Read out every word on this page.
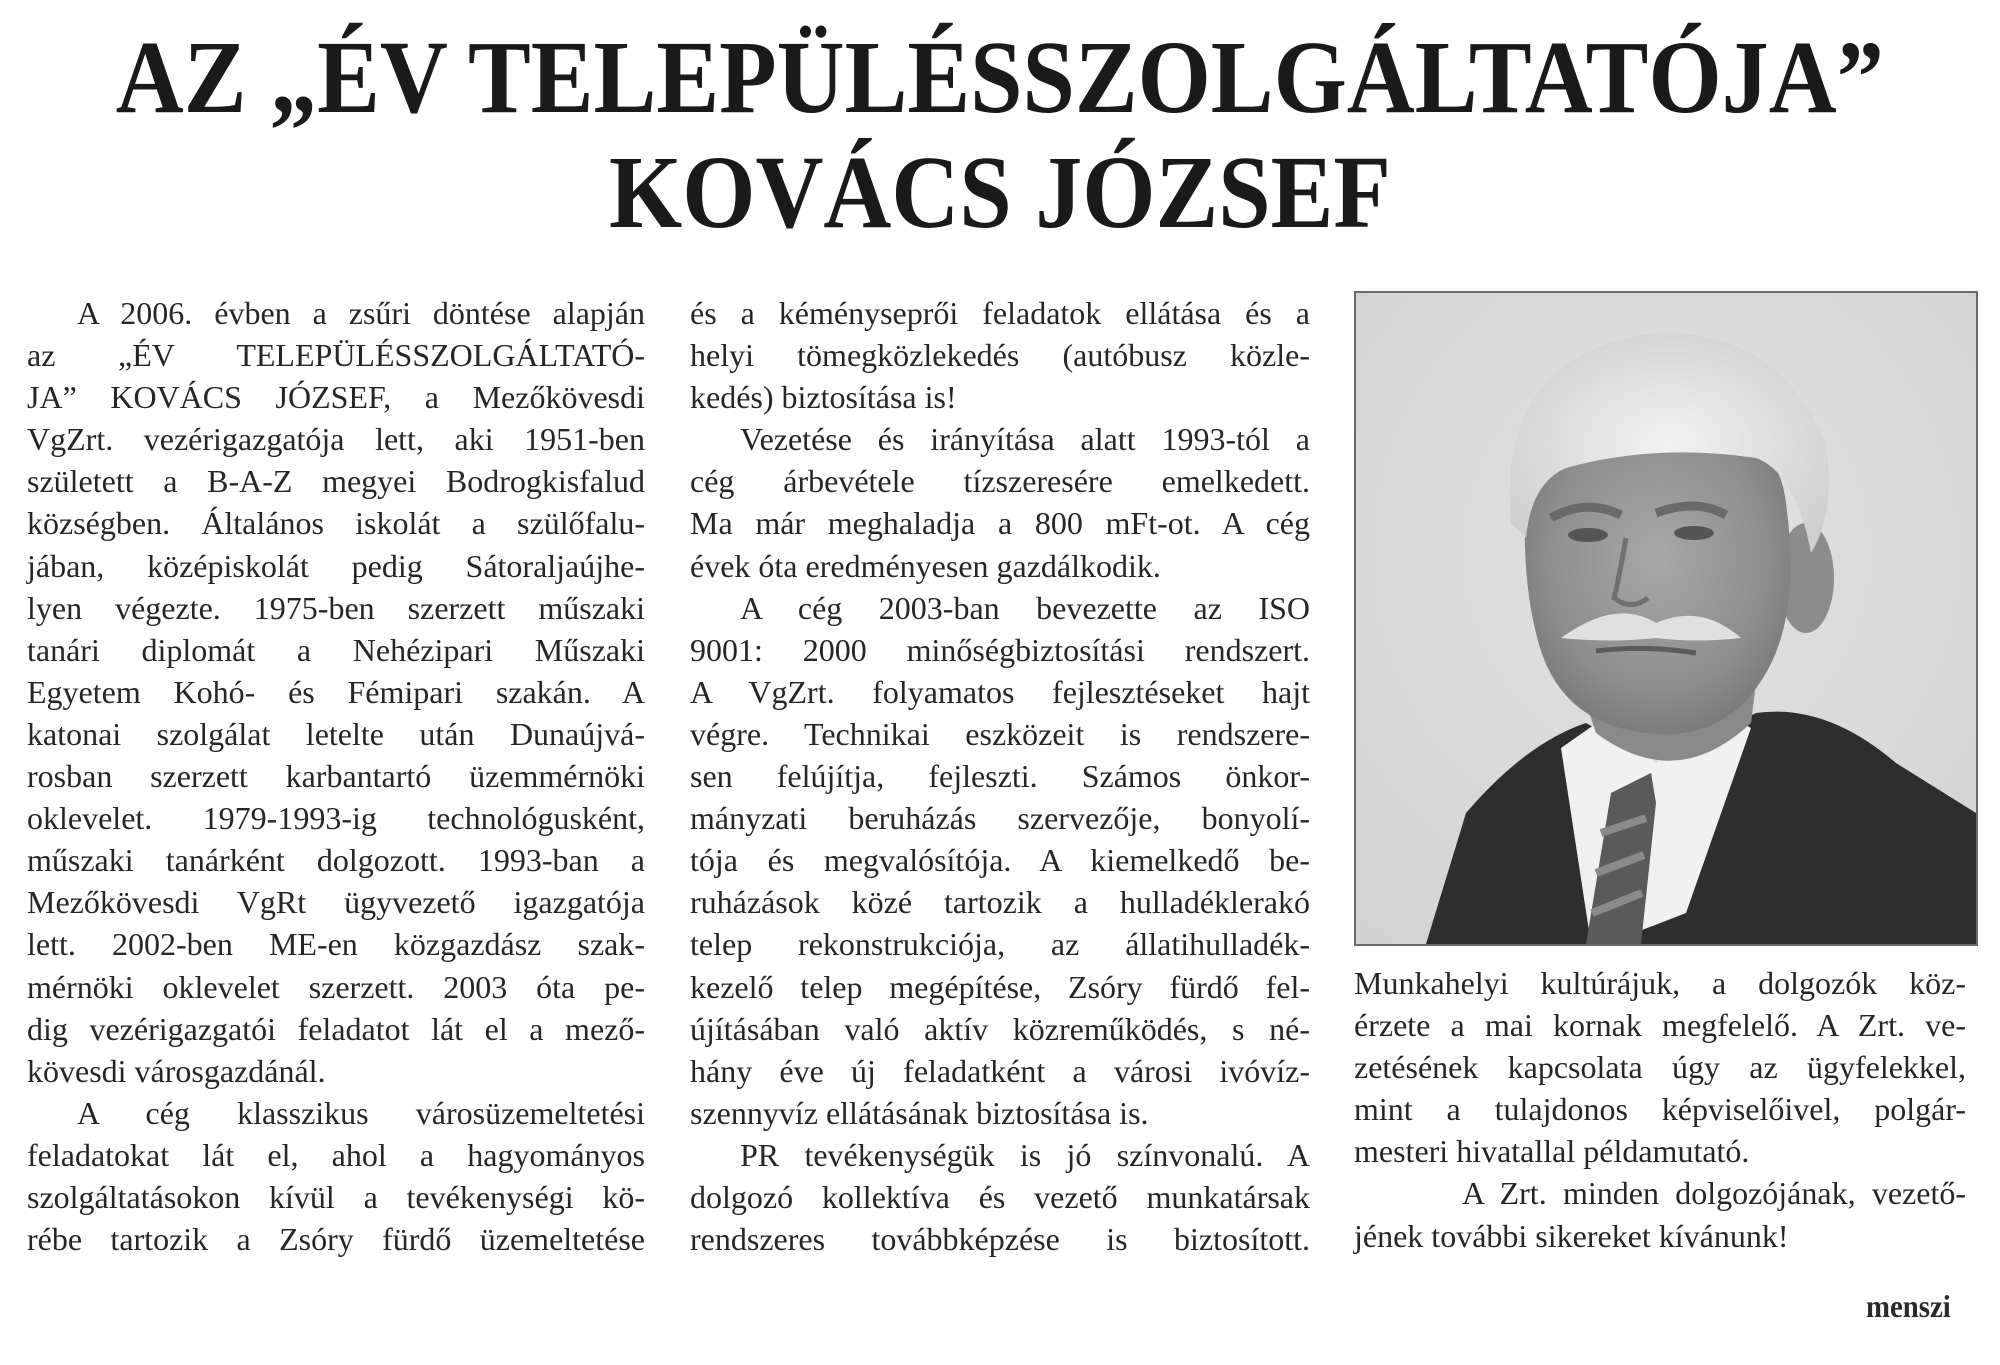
AZ „ÉV TELEPÜLÉSSZOLGÁLTATÓJA”
KOVÁCS JÓZSEF
A 2006. évben a zsűri döntése alapján
az „ÉV TELEPÜLÉSSZOLGÁLTATÓ-
JA” KOVÁCS JÓZSEF, a Mezőkövesdi
VgZrt. vezérigazgatója lett, aki 1951-ben
született a B-A-Z megyei Bodrogkisfalud
községben. Általános iskolát a szülőfalu-
jában, középiskolát pedig Sátoraljaújhe-
lyen végezte. 1975-ben szerzett műszaki
tanári diplomát a Nehézipari Műszaki
Egyetem Kohó- és Fémipari szakán. A
katonai szolgálat letelte után Dunaújvá-
rosban szerzett karbantartó üzemmérnöki
oklevelet. 1979-1993-ig technológusként,
műszaki tanárként dolgozott. 1993-ban a
Mezőkövesdi VgRt ügyvezető igazgatója
lett. 2002-ben ME-en közgazdász szak-
mérnöki oklevelet szerzett. 2003 óta pe-
dig vezérigazgatói feladatot lát el a mező-
kövesdi városgazdánál.
A cég klasszikus városüzemeltetési
feladatokat lát el, ahol a hagyományos
szolgáltatásokon kívül a tevékenységi kö-
rébe tartozik a Zsóry fürdő üzemeltetése
és a kéményseprői feladatok ellátása és a
helyi tömegközlekedés (autóbusz közle-
kedés) biztosítása is!
Vezetése és irányítása alatt 1993-tól a
cég árbevétele tízszeresére emelkedett.
Ma már meghaladja a 800 mFt-ot. A cég
évek óta eredményesen gazdálkodik.
A cég 2003-ban bevezette az ISO
9001: 2000 minőségbiztosítási rendszert.
A VgZrt. folyamatos fejlesztéseket hajt
végre. Technikai eszközeit is rendszere-
sen felújítja, fejleszti. Számos önkor-
mányzati beruházás szervezője, bonyolí-
tója és megvalósítója. A kiemelkedő be-
ruházások közé tartozik a hulladéklerakó
telep rekonstrukciója, az állatihulladék-
kezelő telep megépítése, Zsóry fürdő fel-
újításában való aktív közreműködés, s né-
hány éve új feladatként a városi ivóvíz-
szennyvíz ellátásának biztosítása is.
PR tevékenységük is jó színvonalú. A
dolgozó kollektíva és vezető munkatársak
rendszeres továbbképzése is biztosított.
Munkahelyi kultúrájuk, a dolgozók köz-
érzete a mai kornak megfelelő. A Zrt. ve-
zetésének kapcsolata úgy az ügyfelekkel,
mint a tulajdonos képviselőivel, polgár-
mesteri hivatallal példamutató.
A Zrt. minden dolgozójának, vezető-
jének további sikereket kívánunk!
menszi
